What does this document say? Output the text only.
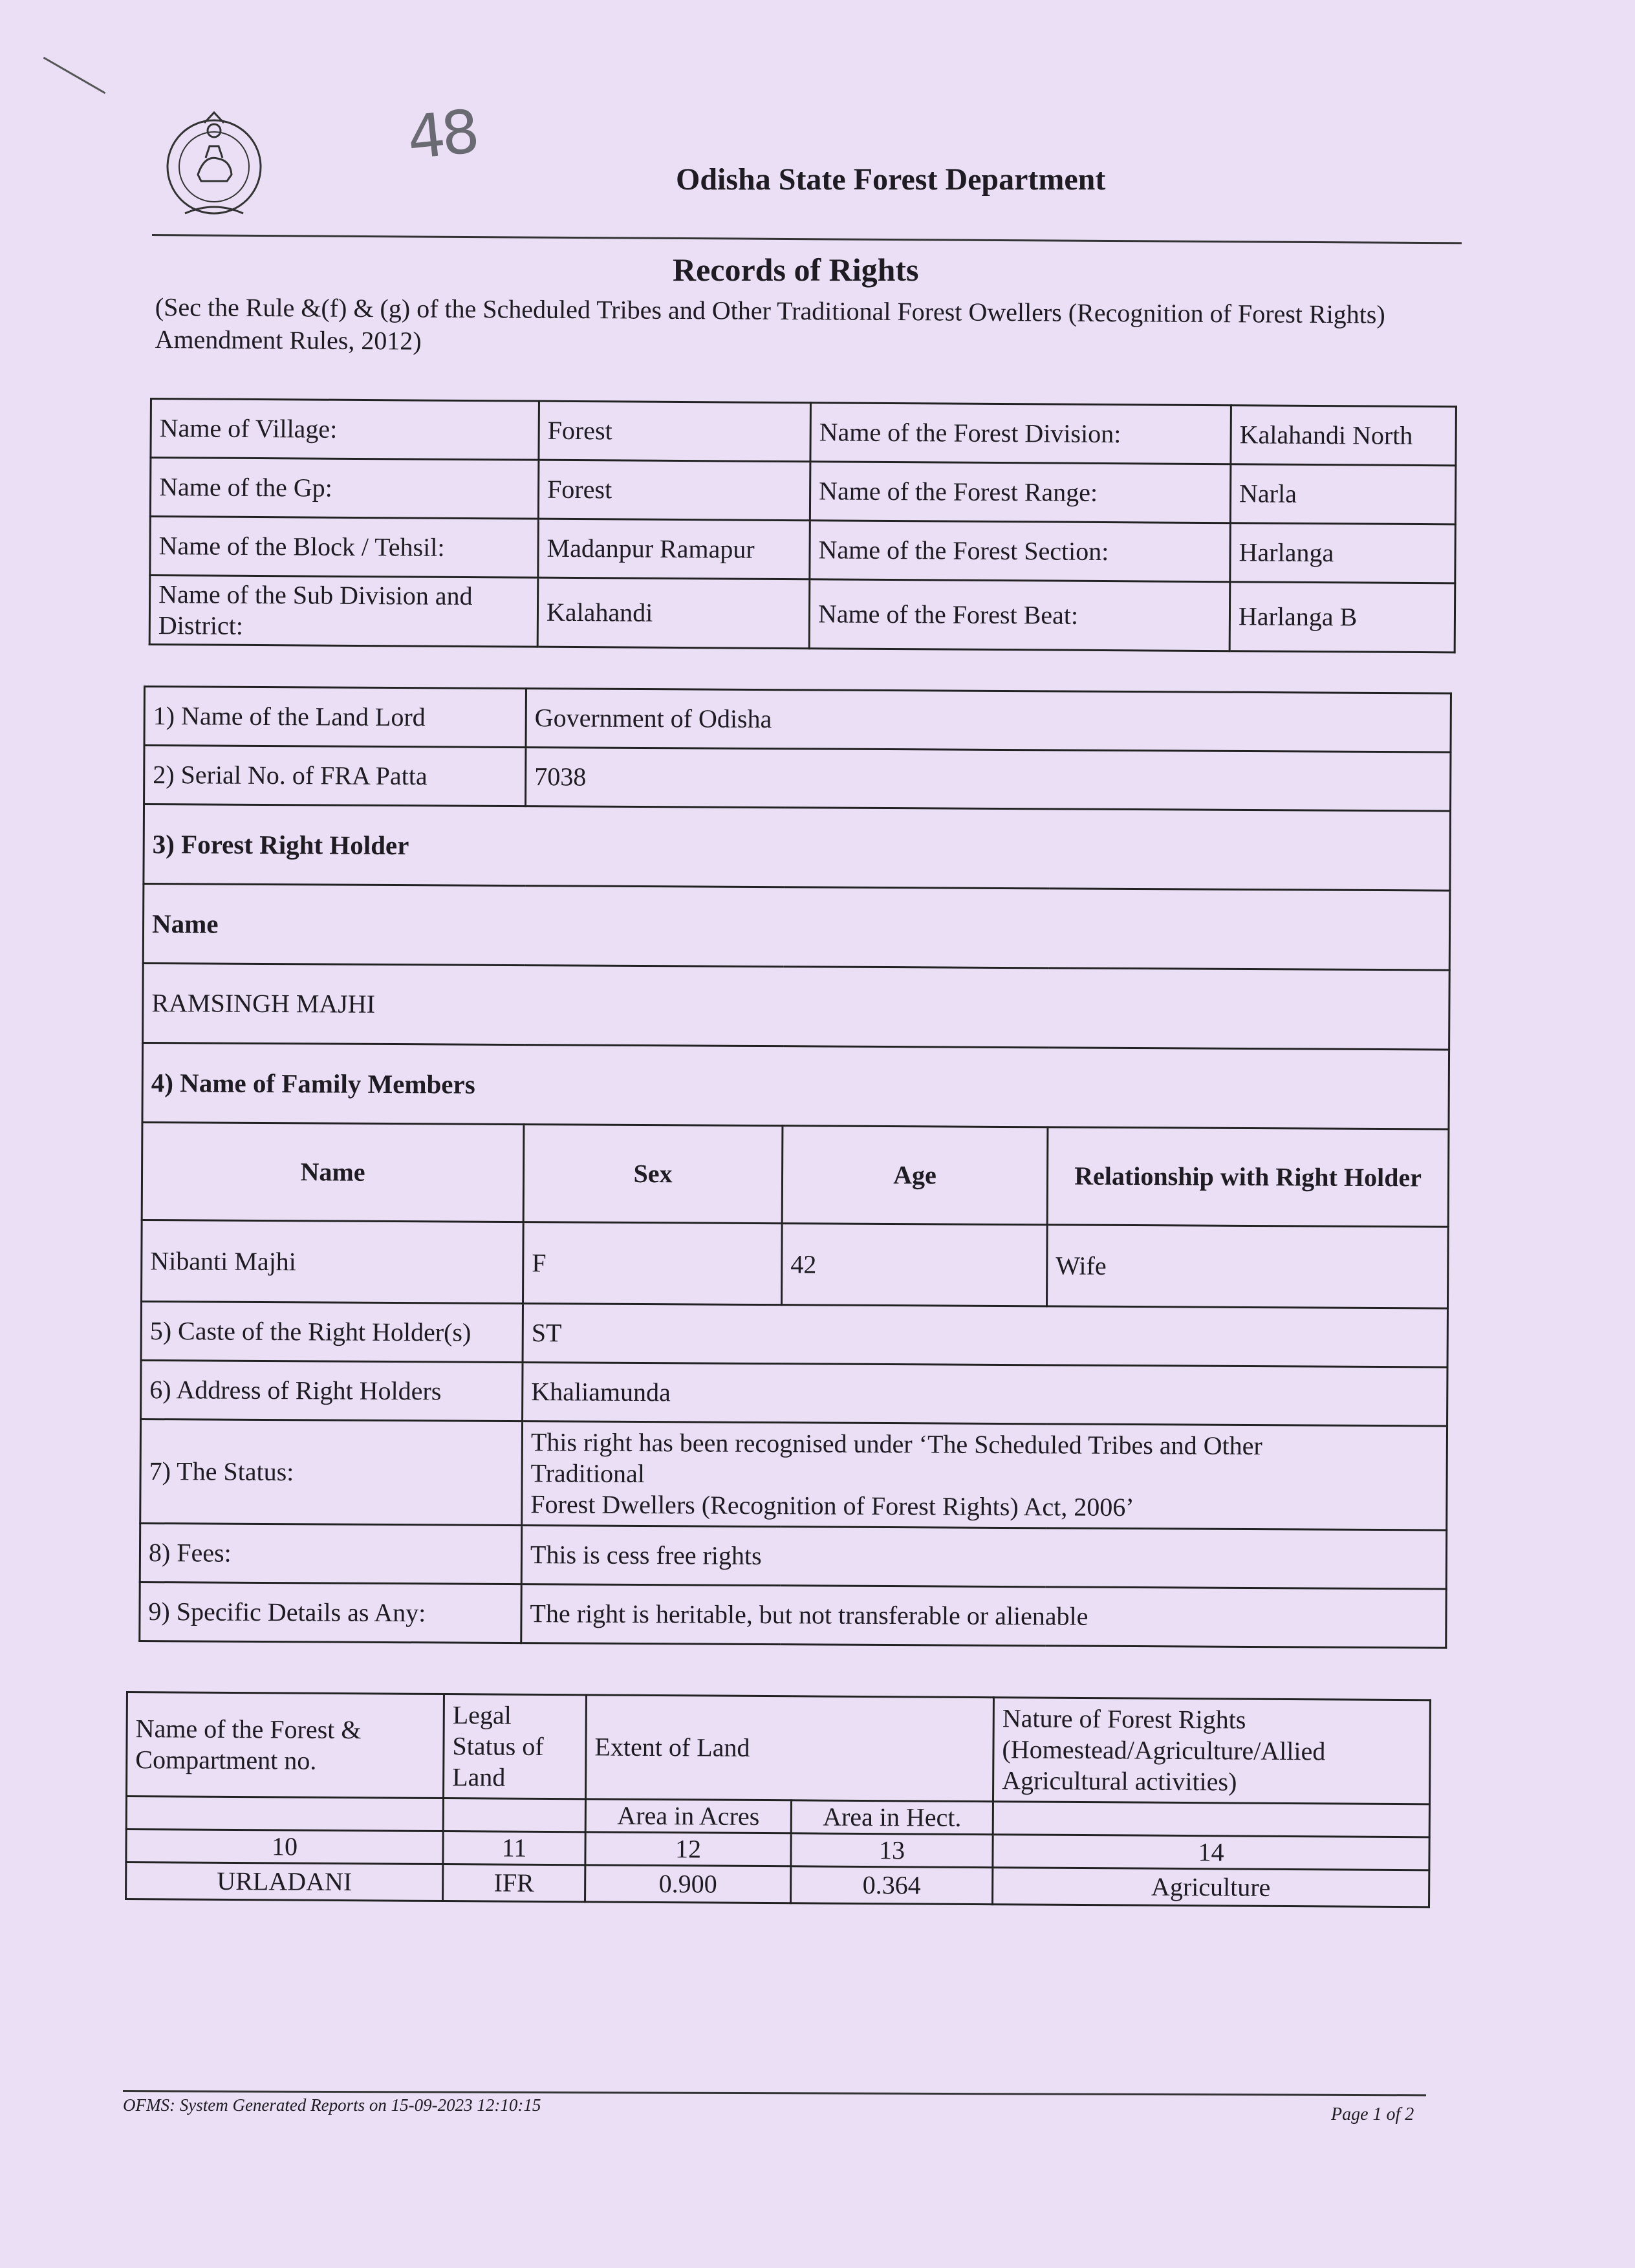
48
Odisha State Forest Department
Records of Rights
(Sec the Rule &(f) & (g) of the Scheduled Tribes and Other Traditional Forest Owellers (Recognition of Forest Rights) Amendment Rules, 2012)
Name of Village:	Forest	Name of the Forest Division:	Kalahandi North
Name of the Gp:	Forest	Name of the Forest Range:	Narla
Name of the Block / Tehsil:	Madanpur Ramapur	Name of the Forest Section:	Harlanga
Name of the Sub Division and District:	Kalahandi	Name of the Forest Beat:	Harlanga B
1) Name of the Land Lord	Government of Odisha		
2) Serial No. of FRA Patta	7038		
3) Forest Right Holder			
Name			
RAMSINGH MAJHI			
4) Name of Family Members			
Name	Sex	Age	Relationship with Right Holder
Nibanti Majhi	F	42	Wife
5) Caste of the Right Holder(s)	ST		
6) Address of Right Holders	Khaliamunda		
7) The Status:	This right has been recognised under ‘The Scheduled Tribes and Other
Traditional
Forest Dwellers (Recognition of Forest Rights) Act, 2006’		

8) Fees:	This is cess free rights		
9) Specific Details as Any:	The right is heritable, but not transferable or alienable		
Name of the Forest & Compartment no.	Legal Status of Land	Extent of Land		Nature of Forest Rights (Homestead/Agriculture/Allied Agricultural activities)
		Area in Acres	Area in Hect.	
10	11	12	13	14
URLADANI	IFR	0.900	0.364	Agriculture
OFMS: System Generated Reports on 15-09-2023 12:10:15	Page 1 of 2
